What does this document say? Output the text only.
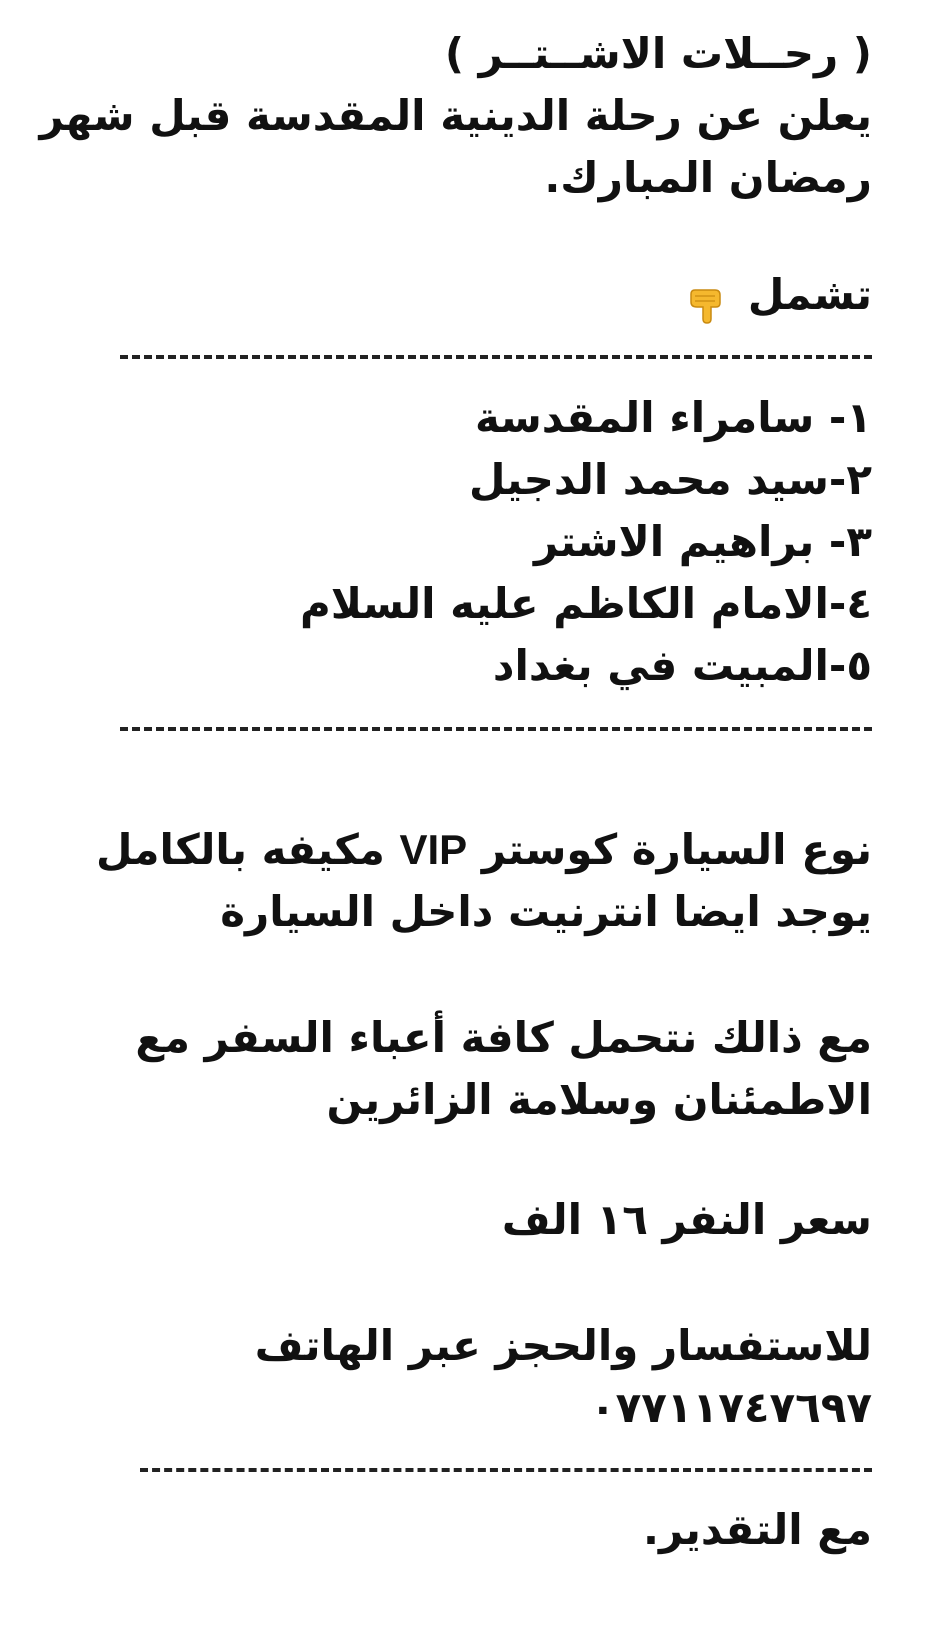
( رحــلات الاشــتــر )
يعلن عن رحلة الدينية المقدسة قبل شهر
رمضان المبارك.
تشمل
١- سامراء المقدسة
٢-سيد محمد الدجيل
٣- براهيم الاشتر
٤-الامام الكاظم عليه السلام
٥-المبيت في بغداد
نوع السيارة كوستر VIP مكيفه بالكامل
يوجد ايضا انترنيت داخل السيارة
مع ذالك نتحمل كافة أعباء السفر مع
الاطمئنان وسلامة الزائرين
سعر النفر ١٦ الف
للاستفسار والحجز عبر الهاتف
٠٧٧١١٧٤٧٦٩٧
مع التقدير.
